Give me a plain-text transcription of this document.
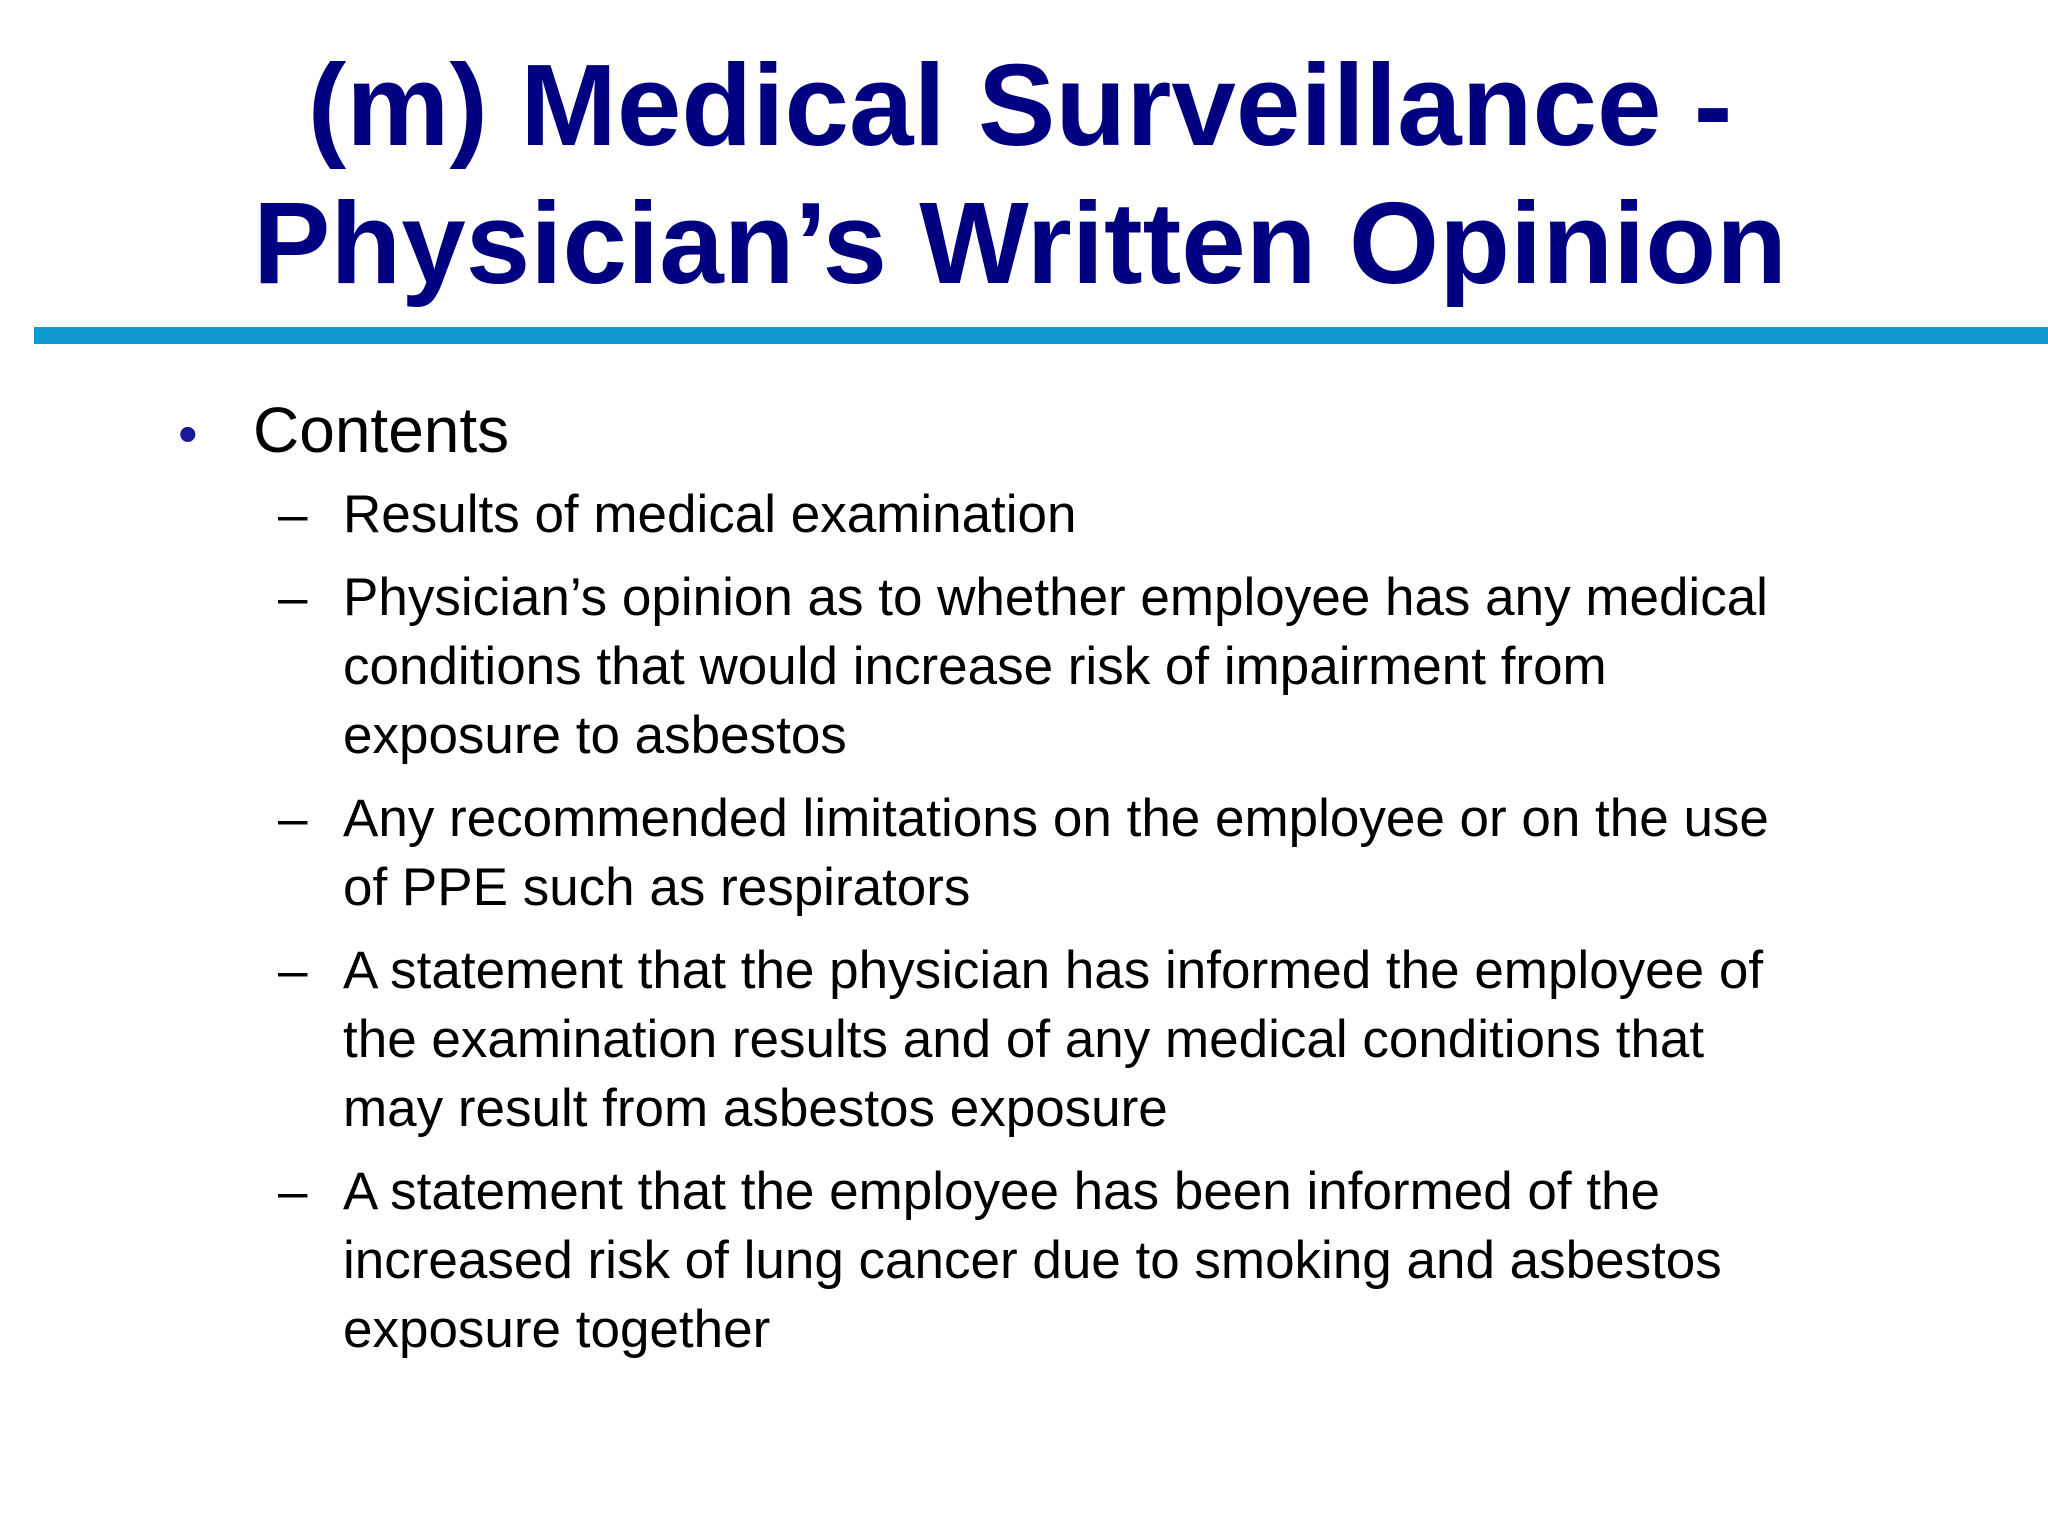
(m) Medical Surveillance -
Physician’s Written Opinion
• Contents
– Results of medical examination
– Physician’s opinion as to whether employee has any medical
conditions that would increase risk of impairment from
exposure to asbestos
– Any recommended limitations on the employee or on the use
of PPE such as respirators
– A statement that the physician has informed the employee of
the examination results and of any medical conditions that
may result from asbestos exposure
– A statement that the employee has been informed of the
increased risk of lung cancer due to smoking and asbestos
exposure together
